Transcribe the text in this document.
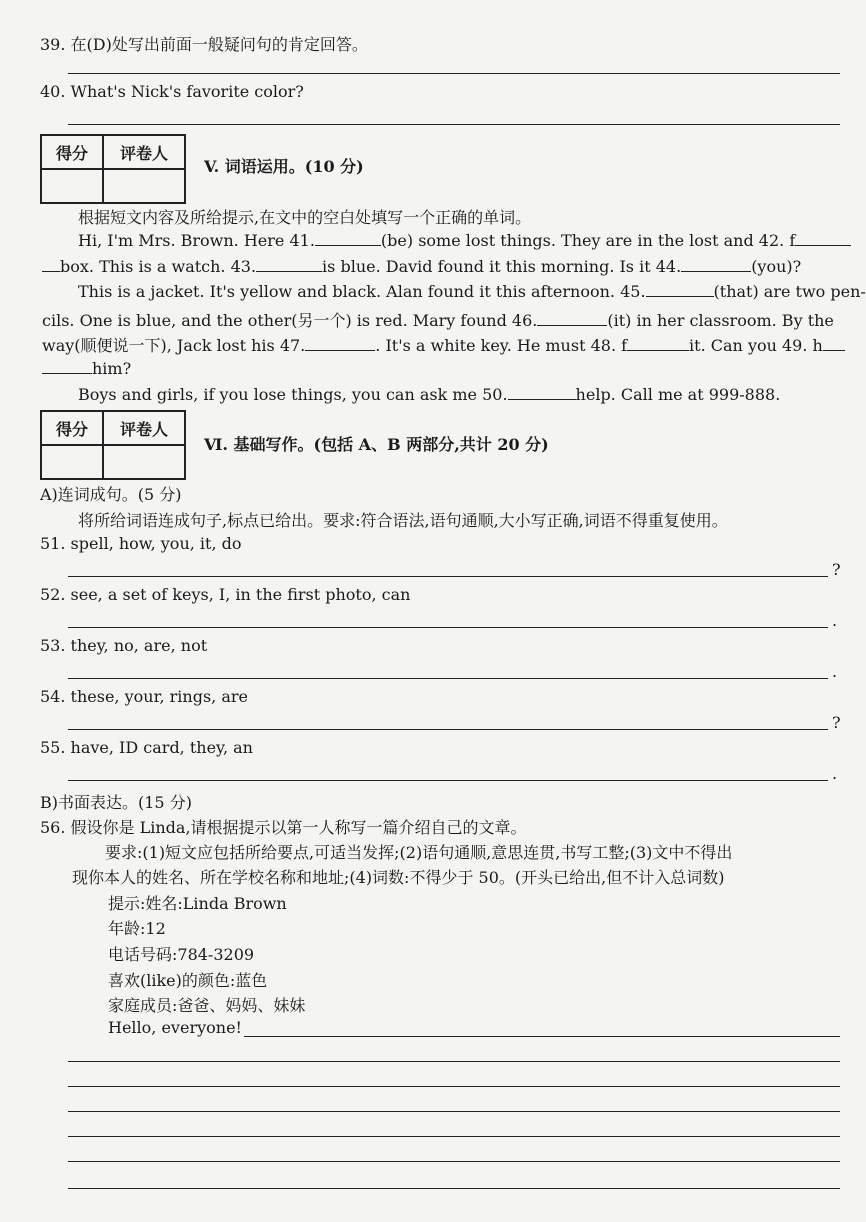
39. 在(D)处写出前面一般疑问句的肯定回答。
40. What's Nick's favorite color?
得分	评卷人

V. 词语运用。(10 分)
根据短文内容及所给提示,在文中的空白处填写一个正确的单词。
Hi, I'm Mrs. Brown. Here 41.	(be) some lost things. They are in the lost and 42. f
box. This is a watch. 43.	is blue. David found it this morning. Is it 44.	(you)?
This is a jacket. It's yellow and black. Alan found it this afternoon. 45.	(that) are two pen-
cils. One is blue, and the other(另一个) is red. Mary found 46.	(it) in her classroom. By the
way(顺便说一下), Jack lost his 47.	. It's a white key. He must 48. f	it. Can you 49. h
him?
Boys and girls, if you lose things, you can ask me 50.	help. Call me at 999-888.
得分	评卷人

Ⅵ. 基础写作。(包括 A、B 两部分,共计 20 分)
A)连词成句。(5 分)
将所给词语连成句子,标点已给出。要求:符合语法,语句通顺,大小写正确,词语不得重复使用。
51. spell, how, you, it, do
?
52. see, a set of keys, I, in the first photo, can
.
53. they, no, are, not
.
54. these, your, rings, are
?
55. have, ID card, they, an
.
B)书面表达。(15 分)
56. 假设你是 Linda,请根据提示以第一人称写一篇介绍自己的文章。
要求:(1)短文应包括所给要点,可适当发挥;(2)语句通顺,意思连贯,书写工整;(3)文中不得出
现你本人的姓名、所在学校名称和地址;(4)词数:不得少于 50。(开头已给出,但不计入总词数)
提示:姓名:Linda Brown
年龄:12
电话号码:784-3209
喜欢(like)的颜色:蓝色
家庭成员:爸爸、妈妈、妹妹
Hello, everyone!
